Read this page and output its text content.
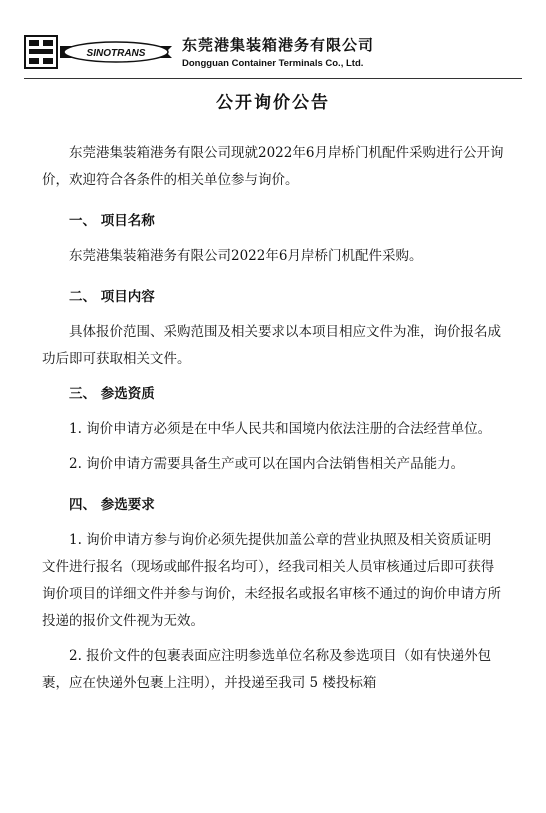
SINOTRANS 东莞港集装箱港务有限公司
Dongguan Container Terminals Co., Ltd.
公开询价公告

东莞港集装箱港务有限公司现就2022年6月岸桥门机配件采购进行公开询价，欢迎符合各条件的相关单位参与询价。

一、 项目名称

东莞港集装箱港务有限公司2022年6月岸桥门机配件采购。

二、 项目内容

具体报价范围、采购范围及相关要求以本项目相应文件为准，询价报名成功后即可获取相关文件。

三、 参选资质

1. 询价申请方必须是在中华人民共和国境内依法注册的合法经营单位。

2. 询价申请方需要具备生产或可以在国内合法销售相关产品能力。

四、 参选要求

1. 询价申请方参与询价必须先提供加盖公章的营业执照及相关资质证明文件进行报名（现场或邮件报名均可），经我司相关人员审核通过后即可获得询价项目的详细文件并参与询价，未经报名或报名审核不通过的询价申请方所投递的报价文件视为无效。

2. 报价文件的包裹表面应注明参选单位名称及参选项目（如有快递外包裹，应在快递外包裹上注明），并投递至我司 5 楼投标箱
